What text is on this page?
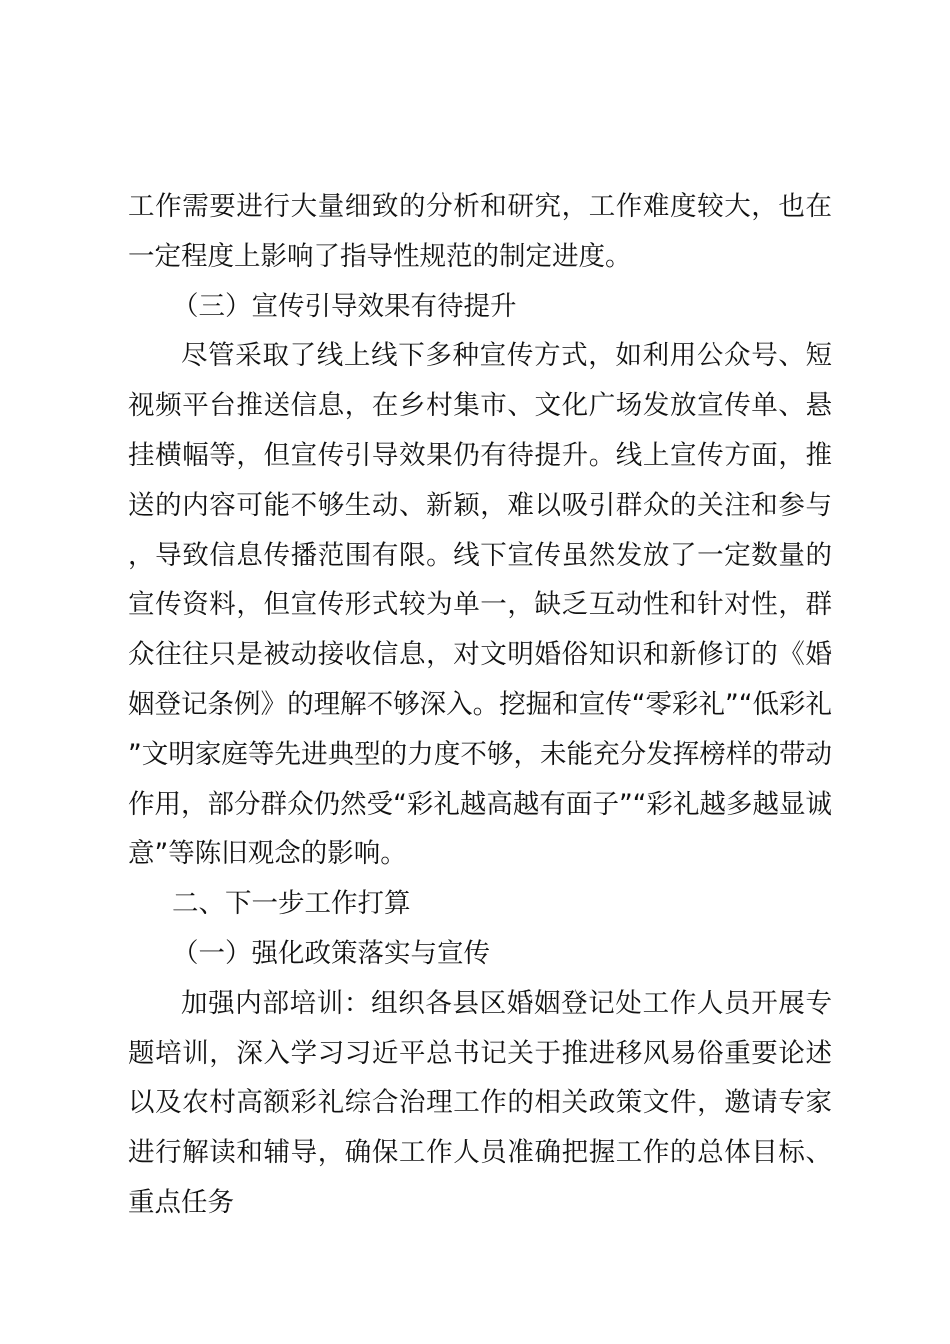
工作需要进行大量细致的分析和研究，工作难度较大，也在一定程度上影响了指导性规范的制定进度。

（三）宣传引导效果有待提升

尽管采取了线上线下多种宣传方式，如利用公众号、短视频平台推送信息，在乡村集市、文化广场发放宣传单、悬挂横幅等，但宣传引导效果仍有待提升。线上宣传方面，推送的内容可能不够生动、新颖，难以吸引群众的关注和参与，导致信息传播范围有限。线下宣传虽然发放了一定数量的宣传资料，但宣传形式较为单一，缺乏互动性和针对性，群众往往只是被动接收信息，对文明婚俗知识和新修订的《婚姻登记条例》的理解不够深入。挖掘和宣传“零彩礼”“低彩礼”文明家庭等先进典型的力度不够，未能充分发挥榜样的带动作用，部分群众仍然受“彩礼越高越有面子”“彩礼越多越显诚意”等陈旧观念的影响。

二、下一步工作打算

（一）强化政策落实与宣传

加强内部培训：组织各县区婚姻登记处工作人员开展专题培训，深入学习习近平总书记关于推进移风易俗重要论述以及农村高额彩礼综合治理工作的相关政策文件，邀请专家进行解读和辅导，确保工作人员准确把握工作的总体目标、重点任务
